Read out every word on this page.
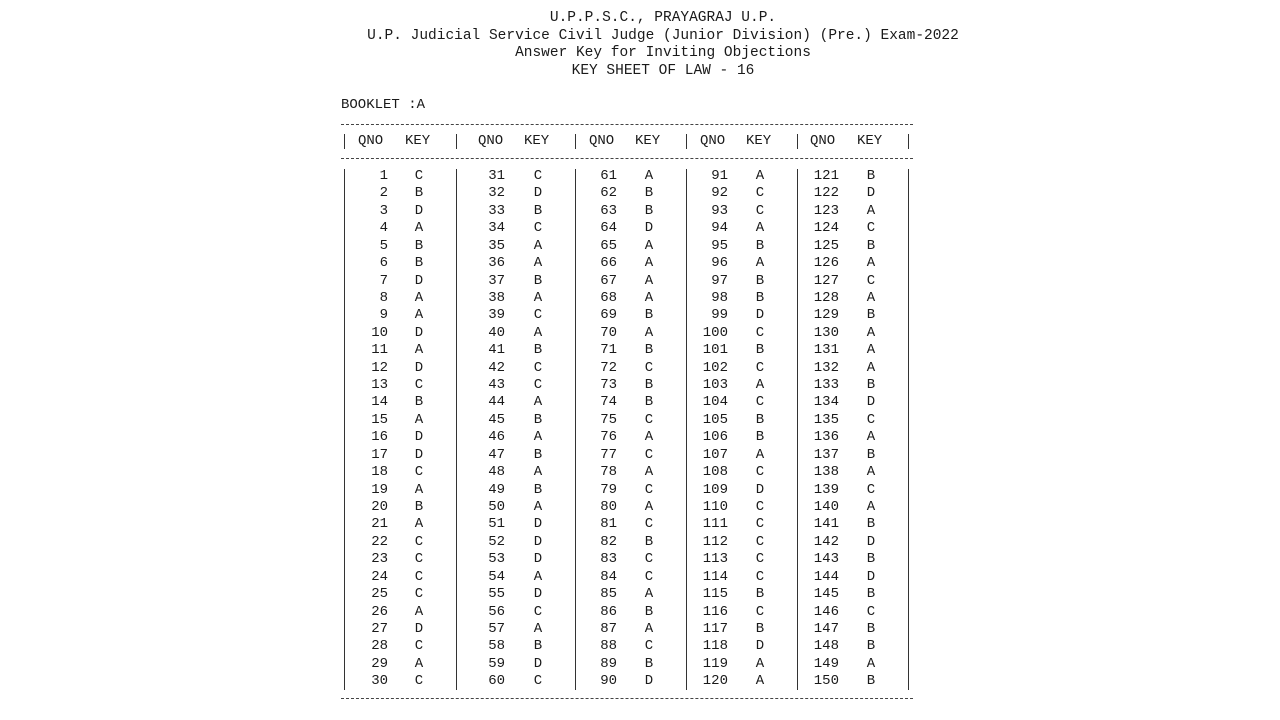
U.P.P.S.C., PRAYAGRAJ U.P.
U.P. Judicial Service Civil Judge (Junior Division) (Pre.) Exam-2022
Answer Key for Inviting Objections
KEY SHEET OF LAW - 16
BOOKLET :A
QNO KEY
1 C
2 B
3 D
4 A
5 B
6 B
7 D
8 A
9 A
10 D
11 A
12 D
13 C
14 B
15 A
16 D
17 D
18 C
19 A
20 B
21 A
22 C
23 C
24 C
25 C
26 A
27 D
28 C
29 A
30 C
QNO KEY
31 C
32 D
33 B
34 C
35 A
36 A
37 B
38 A
39 C
40 A
41 B
42 C
43 C
44 A
45 B
46 A
47 B
48 A
49 B
50 A
51 D
52 D
53 D
54 A
55 D
56 C
57 A
58 B
59 D
60 C
QNO KEY
61 A
62 B
63 B
64 D
65 A
66 A
67 A
68 A
69 B
70 A
71 B
72 C
73 B
74 B
75 C
76 A
77 C
78 A
79 C
80 A
81 C
82 B
83 C
84 C
85 A
86 B
87 A
88 C
89 B
90 D
QNO KEY
91 A
92 C
93 C
94 A
95 B
96 A
97 B
98 B
99 D
100 C
101 B
102 C
103 A
104 C
105 B
106 B
107 A
108 C
109 D
110 C
111 C
112 C
113 C
114 C
115 B
116 C
117 B
118 D
119 A
120 A
QNO KEY
121 B
122 D
123 A
124 C
125 B
126 A
127 C
128 A
129 B
130 A
131 A
132 A
133 B
134 D
135 C
136 A
137 B
138 A
139 C
140 A
141 B
142 D
143 B
144 D
145 B
146 C
147 B
148 B
149 A
150 B
